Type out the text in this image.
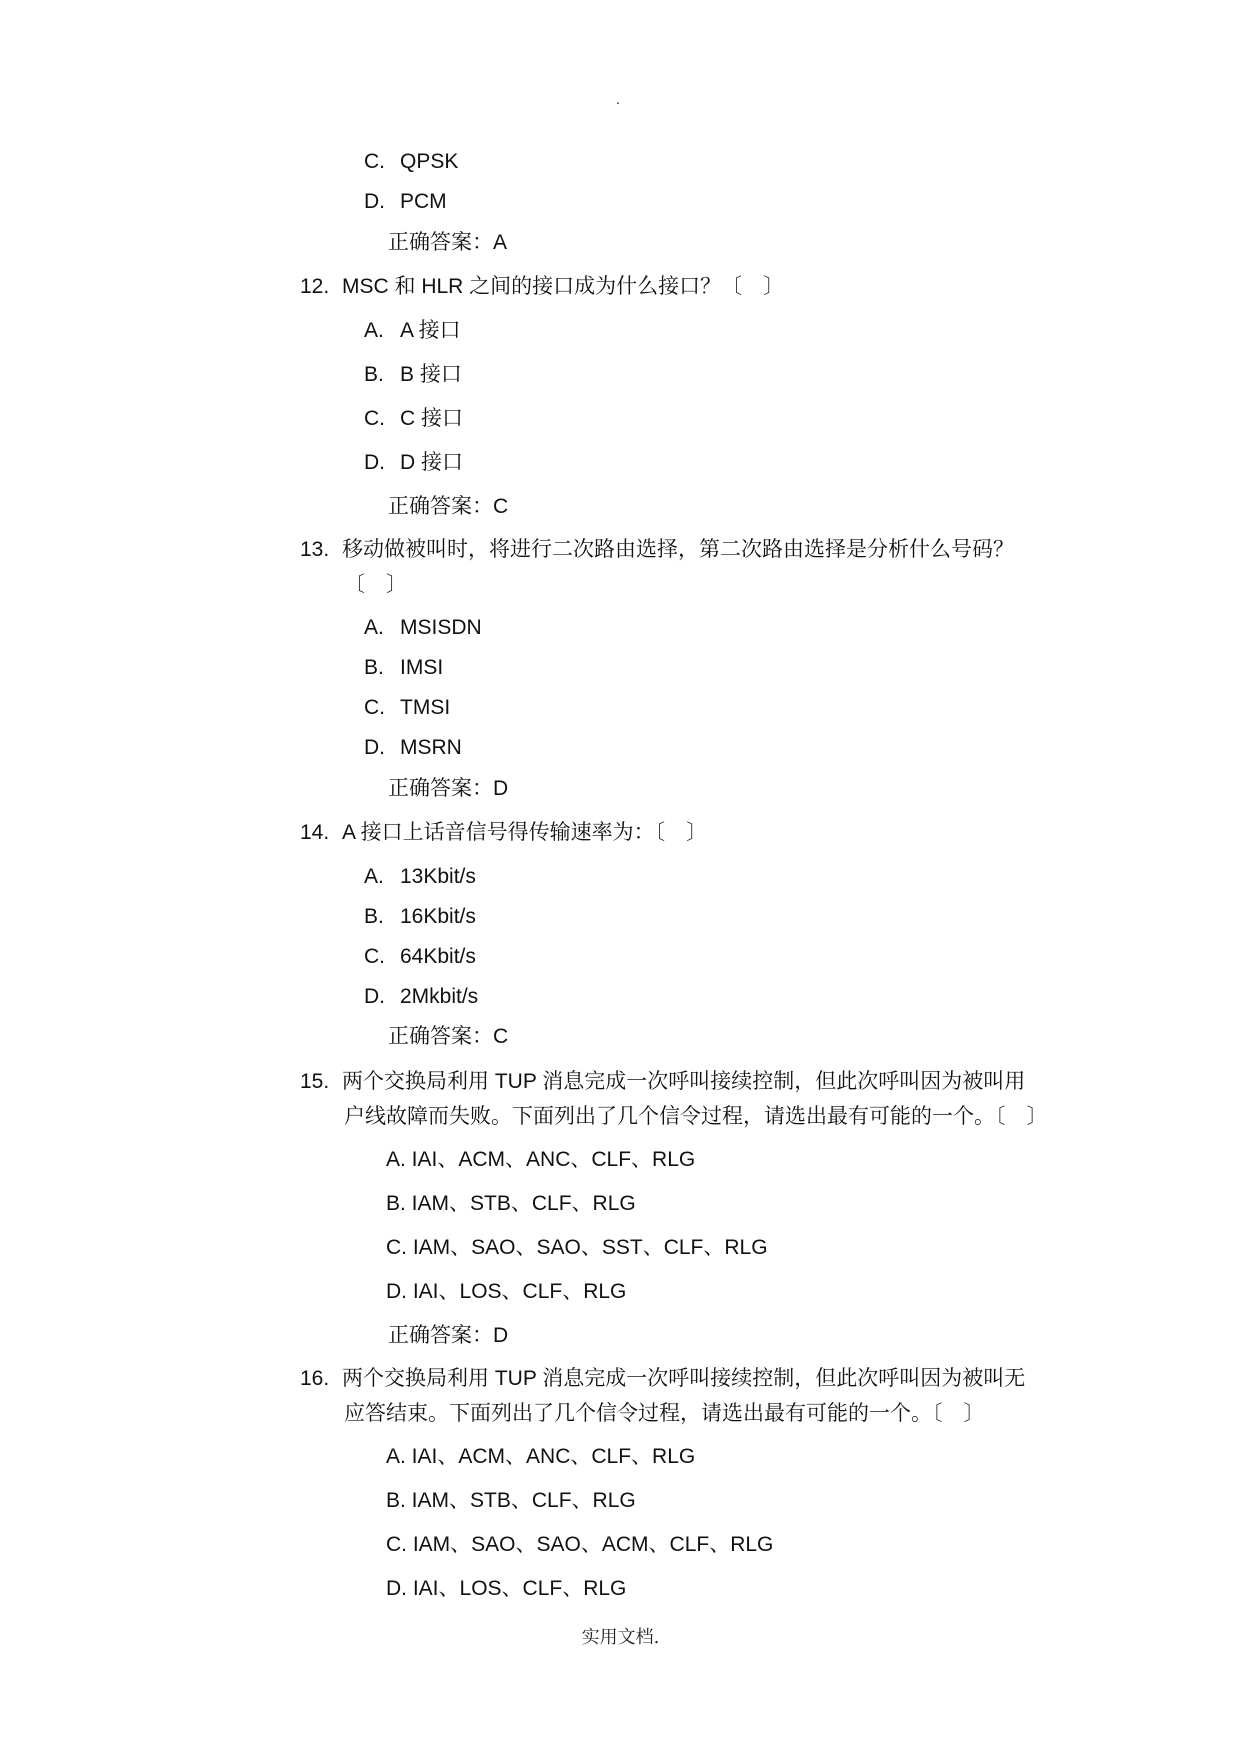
.
C. QPSK
D. PCM
正确答案：A
12. MSC 和 HLR 之间的接口成为什么接口？〔　〕
A. A 接口
B. B 接口
C. C 接口
D. D 接口
正确答案：C
13. 移动做被叫时，将进行二次路由选择，第二次路由选择是分析什么号码？
〔　〕
A. MSISDN
B. IMSI
C. TMSI
D. MSRN
正确答案：D
14. A 接口上话音信号得传输速率为：〔　〕
A. 13Kbit/s
B. 16Kbit/s
C. 64Kbit/s
D. 2Mkbit/s
正确答案：C
15. 两个交换局利用 TUP 消息完成一次呼叫接续控制，但此次呼叫因为被叫用
户线故障而失败。下面列出了几个信令过程，请选出最有可能的一个。〔　〕
A. IAI、ACM、ANC、CLF、RLG
B. IAM、STB、CLF、RLG
C. IAM、SAO、SAO、SST、CLF、RLG
D. IAI、LOS、CLF、RLG
正确答案：D
16. 两个交换局利用 TUP 消息完成一次呼叫接续控制，但此次呼叫因为被叫无
应答结束。下面列出了几个信令过程，请选出最有可能的一个。〔　〕
A. IAI、ACM、ANC、CLF、RLG
B. IAM、STB、CLF、RLG
C. IAM、SAO、SAO、ACM、CLF、RLG
D. IAI、LOS、CLF、RLG
实用文档.
